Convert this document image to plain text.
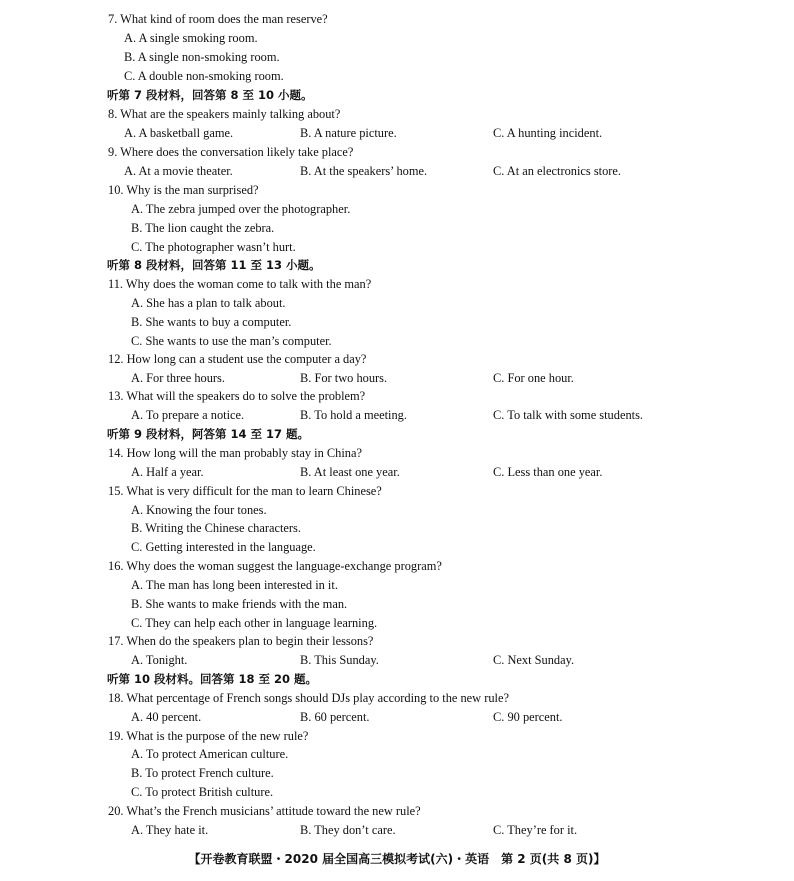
7. What kind of room does the man reserve?
A. A single smoking room.
B. A single non-smoking room.
C. A double non-smoking room.
听第 7 段材料，回答第 8 至 10 小题。
8. What are the speakers mainly talking about?
A. A basketball game.	B. A nature picture.	C. A hunting incident.
9. Where does the conversation likely take place?
A. At a movie theater.	B. At the speakers’ home.	C. At an electronics store.
10. Why is the man surprised?
A. The zebra jumped over the photographer.
B. The lion caught the zebra.
C. The photographer wasn’t hurt.
听第 8 段材料，回答第 11 至 13 小题。
11. Why does the woman come to talk with the man?
A. She has a plan to talk about.
B. She wants to buy a computer.
C. She wants to use the man’s computer.
12. How long can a student use the computer a day?
A. For three hours.	B. For two hours.	C. For one hour.
13. What will the speakers do to solve the problem?
A. To prepare a notice.	B. To hold a meeting.	C. To talk with some students.
听第 9 段材料，阿答第 14 至 17 题。
14. How long will the man probably stay in China?
A. Half a year.	B. At least one year.	C. Less than one year.
15. What is very difficult for the man to learn Chinese?
A. Knowing the four tones.
B. Writing the Chinese characters.
C. Getting interested in the language.
16. Why does the woman suggest the language-exchange program?
A. The man has long been interested in it.
B. She wants to make friends with the man.
C. They can help each other in language learning.
17. When do the speakers plan to begin their lessons?
A. Tonight.	B. This Sunday.	C. Next Sunday.
听第 10 段材料。回答第 18 至 20 题。
18. What percentage of French songs should DJs play according to the new rule?
A. 40 percent.	B. 60 percent.	C. 90 percent.
19. What is the purpose of the new rule?
A. To protect American culture.
B. To protect French culture.
C. To protect British culture.
20. What’s the French musicians’ attitude toward the new rule?
A. They hate it.	B. They don’t care.	C. They’re for it.
【开卷教育联盟・2020 届全国高三模拟考试(六)・英语　第 2 页(共 8 页)】
